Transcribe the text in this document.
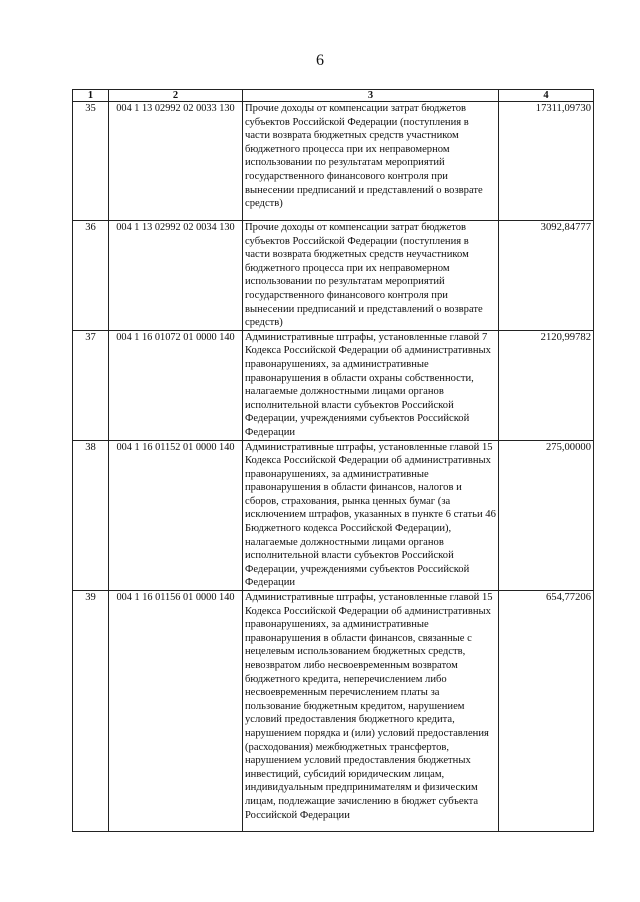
6
1	2	3	4
35	004 1 13 02992 02 0033 130	Прочие доходы от компенсации затрат бюджетов субъектов Российской Федерации (поступления в части возврата бюджетных средств участником бюджетного процесса при их неправомерном использовании по результатам мероприятий государственного финансового контроля при вынесении предписаний и представлений о возврате средств)	17311,09730
36	004 1 13 02992 02 0034 130	Прочие доходы от компенсации затрат бюджетов субъектов Российской Федерации (поступления в части возврата бюджетных средств неучастником бюджетного процесса при их неправомерном использовании по результатам мероприятий государственного финансового контроля при вынесении предписаний и представлений о возврате средств)	3092,84777
37	004 1 16 01072 01 0000 140	Административные штрафы, установленные главой 7 Кодекса Российской Федерации об административных правонарушениях, за административные правонарушения в области охраны собственности, налагаемые должностными лицами органов исполнительной власти субъектов Российской Федерации, учреждениями субъектов Российской Федерации	2120,99782
38	004 1 16 01152 01 0000 140	Административные штрафы, установленные главой 15 Кодекса Российской Федерации об административных правонарушениях, за административные правонарушения в области финансов, налогов и сборов, страхования, рынка ценных бумаг (за исключением штрафов, указанных в пункте 6 статьи 46 Бюджетного кодекса Российской Федерации), налагаемые должностными лицами органов исполнительной власти субъектов Российской Федерации, учреждениями субъектов Российской Федерации	275,00000
39	004 1 16 01156 01 0000 140	Административные штрафы, установленные главой 15 Кодекса Российской Федерации об административных правонарушениях, за административные правонарушения в области финансов, связанные с нецелевым использованием бюджетных средств, невозвратом либо несвоевременным возвратом бюджетного кредита, неперечислением либо несвоевременным перечислением платы за пользование бюджетным кредитом, нарушением условий предоставления бюджетного кредита, нарушением порядка и (или) условий предоставления (расходования) межбюджетных трансфертов, нарушением условий предоставления бюджетных инвестиций, субсидий юридическим лицам, индивидуальным предпринимателям и физическим лицам, подлежащие зачислению в бюджет субъекта Российской Федерации	654,77206
